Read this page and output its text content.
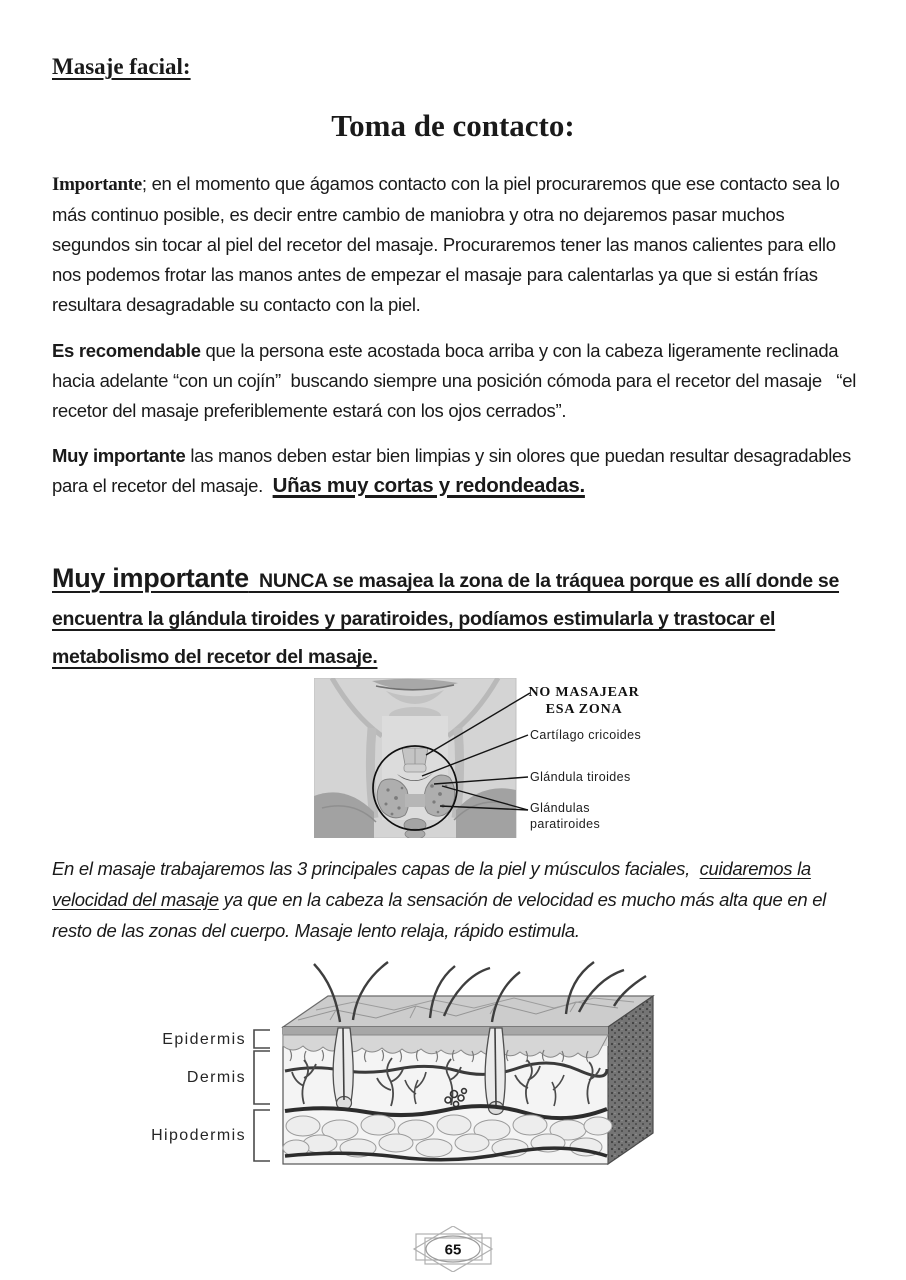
Masaje facial:
Toma de contacto:

Importante; en el momento que ágamos contacto con la piel procuraremos que ese contacto sea lo más continuo posible, es decir entre cambio de maniobra y otra no dejaremos pasar muchos segundos sin tocar al piel del recetor del masaje. Procuraremos tener las manos calientes para ello nos podemos frotar las manos antes de empezar el masaje para calentarlas ya que si están frías resultara desagradable su contacto con la piel.

Es recomendable que la persona este acostada boca arriba y con la cabeza ligeramente reclinada hacia adelante “con un cojín”  buscando siempre una posición cómoda para el recetor del masaje   “el recetor del masaje preferiblemente estará con los ojos cerrados”.

Muy importante las manos deben estar bien limpias y sin olores que puedan resultar desagradables para el recetor del masaje.  Uñas muy cortas y redondeadas.

Muy importante  NUNCA se masajea la zona de la tráquea porque es allí donde se encuentra la glándula tiroides y paratiroides, podíamos estimularla y trastocar el metabolismo del recetor del masaje.

NO MASAJEAR
ESA ZONA
Cartílago cricoides
Glándula tiroides
Glándulas
paratiroides

En el masaje trabajaremos las 3 principales capas de la piel y músculos faciales,  cuidaremos la velocidad del masaje ya que en la cabeza la sensación de velocidad es mucho más alta que en el resto de las zonas del cuerpo. Masaje lento relaja, rápido estimula.

Epidermis
Dermis
Hipodermis
65
